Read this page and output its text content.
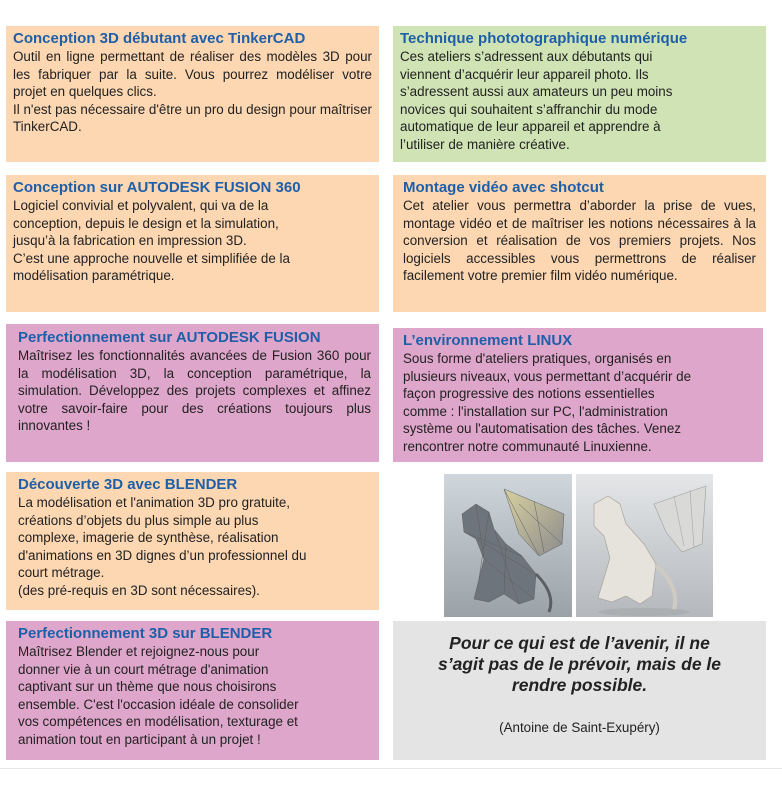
Conception 3D débutant avec TinkerCAD

Outil en ligne permettant de réaliser des modèles 3D pour les fabriquer par la suite. Vous pourrez modéliser votre projet en quelques clics.
Il n'est pas nécessaire d'être un pro du design pour maîtriser TinkerCAD.

Technique phototographique numérique

Ces ateliers s’adressent aux débutants qui
viennent d’acquérir leur appareil photo. Ils
s’adressent aussi aux amateurs un peu moins
novices qui souhaitent s’affranchir du mode
automatique de leur appareil et apprendre à
l’utiliser de manière créative.

Conception sur AUTODESK FUSION 360

Logiciel convivial et polyvalent, qui va de la
conception, depuis le design et la simulation,
jusqu’à la fabrication en impression 3D.
C’est une approche nouvelle et simplifiée de la
modélisation paramétrique.

Montage vidéo avec shotcut

Cet atelier vous permettra d’aborder la prise de vues, montage vidéo et de maîtriser les notions nécessaires à la conversion et réalisation de vos premiers projets. Nos logiciels accessibles vous permettrons de réaliser facilement votre premier film vidéo numérique.

Perfectionnement sur AUTODESK FUSION

Maîtrisez les fonctionnalités avancées de Fusion 360 pour la modélisation 3D, la conception paramétrique, la simulation. Développez des projets complexes et affinez votre savoir-faire pour des créations toujours plus innovantes !

L’environnement LINUX

Sous forme d'ateliers pratiques, organisés en
plusieurs niveaux, vous permettant d’acquérir de
façon progressive des notions essentielles
comme : l'installation sur PC, l'administration
système ou l'automatisation des tâches. Venez
rencontrer notre communauté Linuxienne.

Découverte 3D avec BLENDER

La modélisation et l'animation 3D pro gratuite,
créations d’objets du plus simple au plus
complexe, imagerie de synthèse, réalisation
d'animations en 3D dignes d’un professionnel du
court métrage.
(des pré-requis en 3D sont nécessaires).

Perfectionnement 3D sur BLENDER

Maîtrisez Blender et rejoignez-nous pour
donner vie à un court métrage d'animation
captivant sur un thème que nous choisirons
ensemble. C'est l'occasion idéale de consolider
vos compétences en modélisation, texturage et
animation tout en participant à un projet !

Pour ce qui est de l’avenir, il ne
s’agit pas de le prévoir, mais de le
rendre possible.

(Antoine de Saint-Exupéry)
